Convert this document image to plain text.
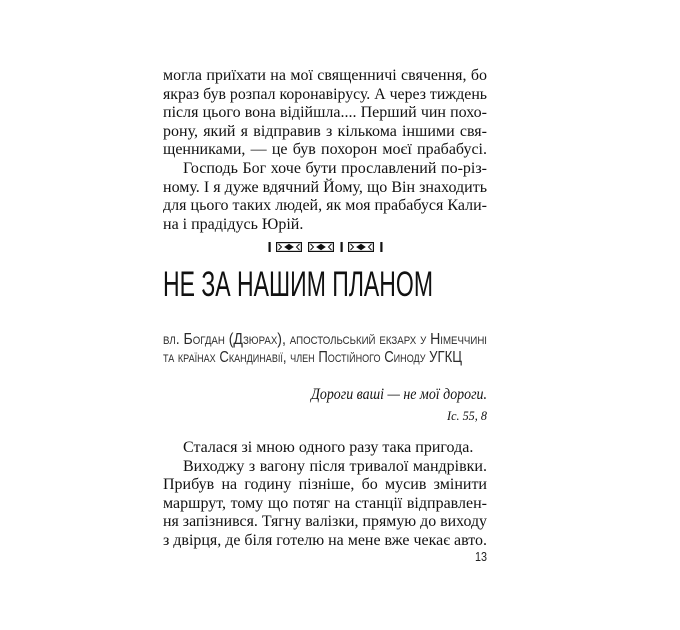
могла приїхати на мої священничі свячення, бо
якраз був розпал коронавірусу. А через тиждень
після цього вона відійшла.... Перший чин похо-
рону, який я відправив з кількома іншими свя-
щенниками, — це був похорон моєї прабабусі.
Господь Бог хоче бути прославлений по-різ-
ному. І я дуже вдячний Йому, що Він знаходить
для цього таких людей, як моя прабабуся Кали-
на і прадідусь Юрій.
НЕ ЗА НАШИМ ПЛАНОМ
вл. Богдан (Дзюрах), апостольський екзарх у Німеччині
та країнах Скандинавії, член Постійного Синоду УГКЦ
Дороги ваші — не мої дороги.
Іс. 55, 8
Сталася зі мною одного разу така пригода.
Виходжу з вагону після тривалої мандрівки.
Прибув на годину пізніше, бо мусив змінити
маршрут, тому що потяг на станції відправлен-
ня запізнився. Тягну валізки, прямую до виходу
з двірця, де біля готелю на мене вже чекає авто.
13
